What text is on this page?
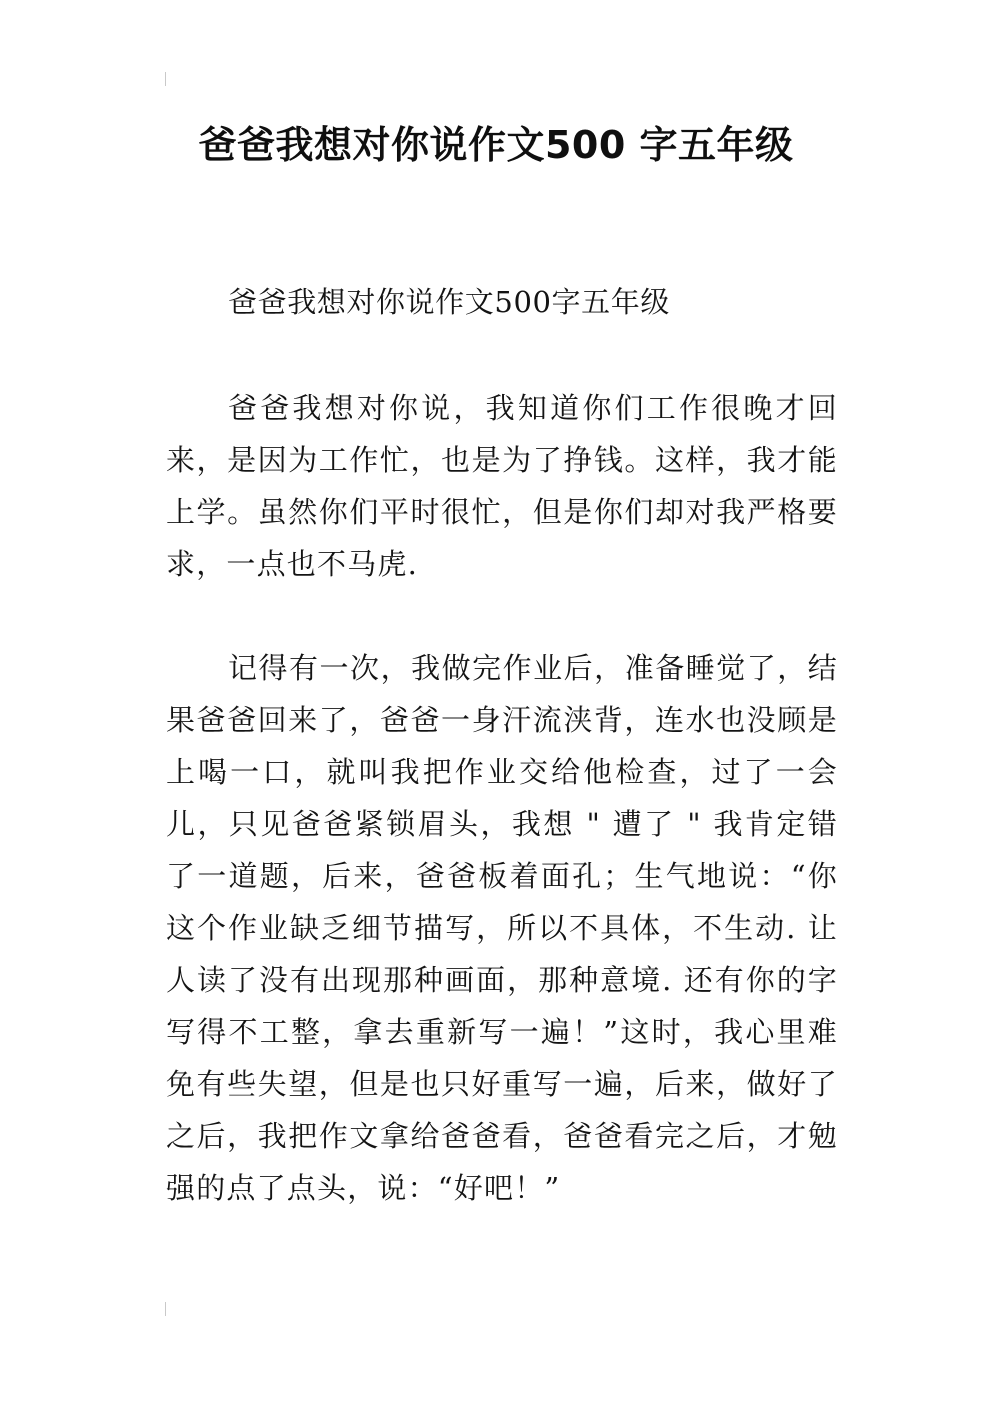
爸爸我想对你说作文500 字五年级

爸爸我想对你说作文500字五年级

爸爸我想对你说，我知道你们工作很晚才回来，是因为工作忙，也是为了挣钱。这样，我才能上学。虽然你们平时很忙，但是你们却对我严格要求，一点也不马虎.

记得有一次，我做完作业后，准备睡觉了，结果爸爸回来了，爸爸一身汗流浃背，连水也没顾是上喝一口，就叫我把作业交给他检查，过了一会儿，只见爸爸紧锁眉头，我想 " 遭了 " 我肯定错了一道题，后来，爸爸板着面孔；生气地说：“你这个作业缺乏细节描写，所以不具体，不生动. 让人读了没有出现那种画面，那种意境. 还有你的字写得不工整，拿去重新写一遍！”这时，我心里难免有些失望，但是也只好重写一遍，后来，做好了之后，我把作文拿给爸爸看，爸爸看完之后，才勉强的点了点头，说：“好吧！”
